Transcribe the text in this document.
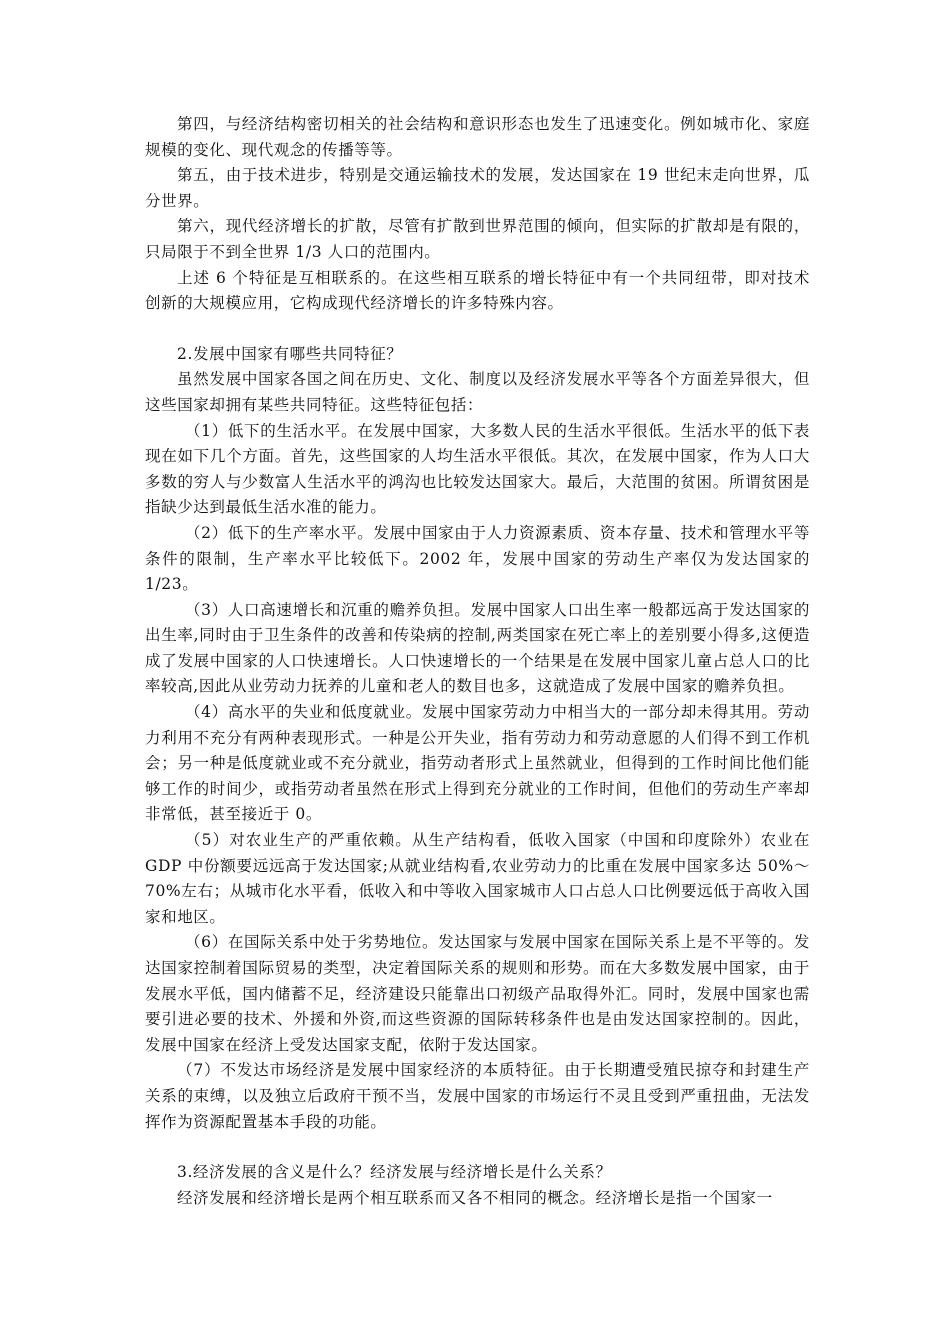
第四，与经济结构密切相关的社会结构和意识形态也发生了迅速变化。例如城市化、家庭规模的变化、现代观念的传播等等。

第五，由于技术进步，特别是交通运输技术的发展，发达国家在 19 世纪末走向世界，瓜分世界。

第六，现代经济增长的扩散，尽管有扩散到世界范围的倾向，但实际的扩散却是有限的，只局限于不到全世界 1/3 人口的范围内。

上述 6 个特征是互相联系的。在这些相互联系的增长特征中有一个共同纽带，即对技术创新的大规模应用，它构成现代经济增长的许多特殊内容。

2.发展中国家有哪些共同特征？

虽然发展中国家各国之间在历史、文化、制度以及经济发展水平等各个方面差异很大，但这些国家却拥有某些共同特征。这些特征包括：

（1）低下的生活水平。在发展中国家，大多数人民的生活水平很低。生活水平的低下表现在如下几个方面。首先，这些国家的人均生活水平很低。其次，在发展中国家，作为人口大多数的穷人与少数富人生活水平的鸿沟也比较发达国家大。最后，大范围的贫困。所谓贫困是指缺少达到最低生活水准的能力。

（2）低下的生产率水平。发展中国家由于人力资源素质、资本存量、技术和管理水平等条件的限制，生产率水平比较低下。2002 年，发展中国家的劳动生产率仅为发达国家的 1/23。

（3）人口高速增长和沉重的赡养负担。发展中国家人口出生率一般都远高于发达国家的出生率,同时由于卫生条件的改善和传染病的控制,两类国家在死亡率上的差别要小得多,这便造成了发展中国家的人口快速增长。人口快速增长的一个结果是在发展中国家儿童占总人口的比率较高,因此从业劳动力抚养的儿童和老人的数目也多，这就造成了发展中国家的赡养负担。

（4）高水平的失业和低度就业。发展中国家劳动力中相当大的一部分却未得其用。劳动力利用不充分有两种表现形式。一种是公开失业，指有劳动力和劳动意愿的人们得不到工作机会；另一种是低度就业或不充分就业，指劳动者形式上虽然就业，但得到的工作时间比他们能够工作的时间少，或指劳动者虽然在形式上得到充分就业的工作时间，但他们的劳动生产率却非常低，甚至接近于 0。

（5）对农业生产的严重依赖。从生产结构看，低收入国家（中国和印度除外）农业在 GDP 中份额要远远高于发达国家;从就业结构看,农业劳动力的比重在发展中国家多达 50%～70%左右；从城市化水平看，低收入和中等收入国家城市人口占总人口比例要远低于高收入国家和地区。

（6）在国际关系中处于劣势地位。发达国家与发展中国家在国际关系上是不平等的。发达国家控制着国际贸易的类型，决定着国际关系的规则和形势。而在大多数发展中国家，由于发展水平低，国内储蓄不足，经济建设只能靠出口初级产品取得外汇。同时，发展中国家也需要引进必要的技术、外援和外资,而这些资源的国际转移条件也是由发达国家控制的。因此，发展中国家在经济上受发达国家支配，依附于发达国家。

（7）不发达市场经济是发展中国家经济的本质特征。由于长期遭受殖民掠夺和封建生产关系的束缚，以及独立后政府干预不当，发展中国家的市场运行不灵且受到严重扭曲，无法发挥作为资源配置基本手段的功能。

3.经济发展的含义是什么？经济发展与经济增长是什么关系？

经济发展和经济增长是两个相互联系而又各不相同的概念。经济增长是指一个国家一
